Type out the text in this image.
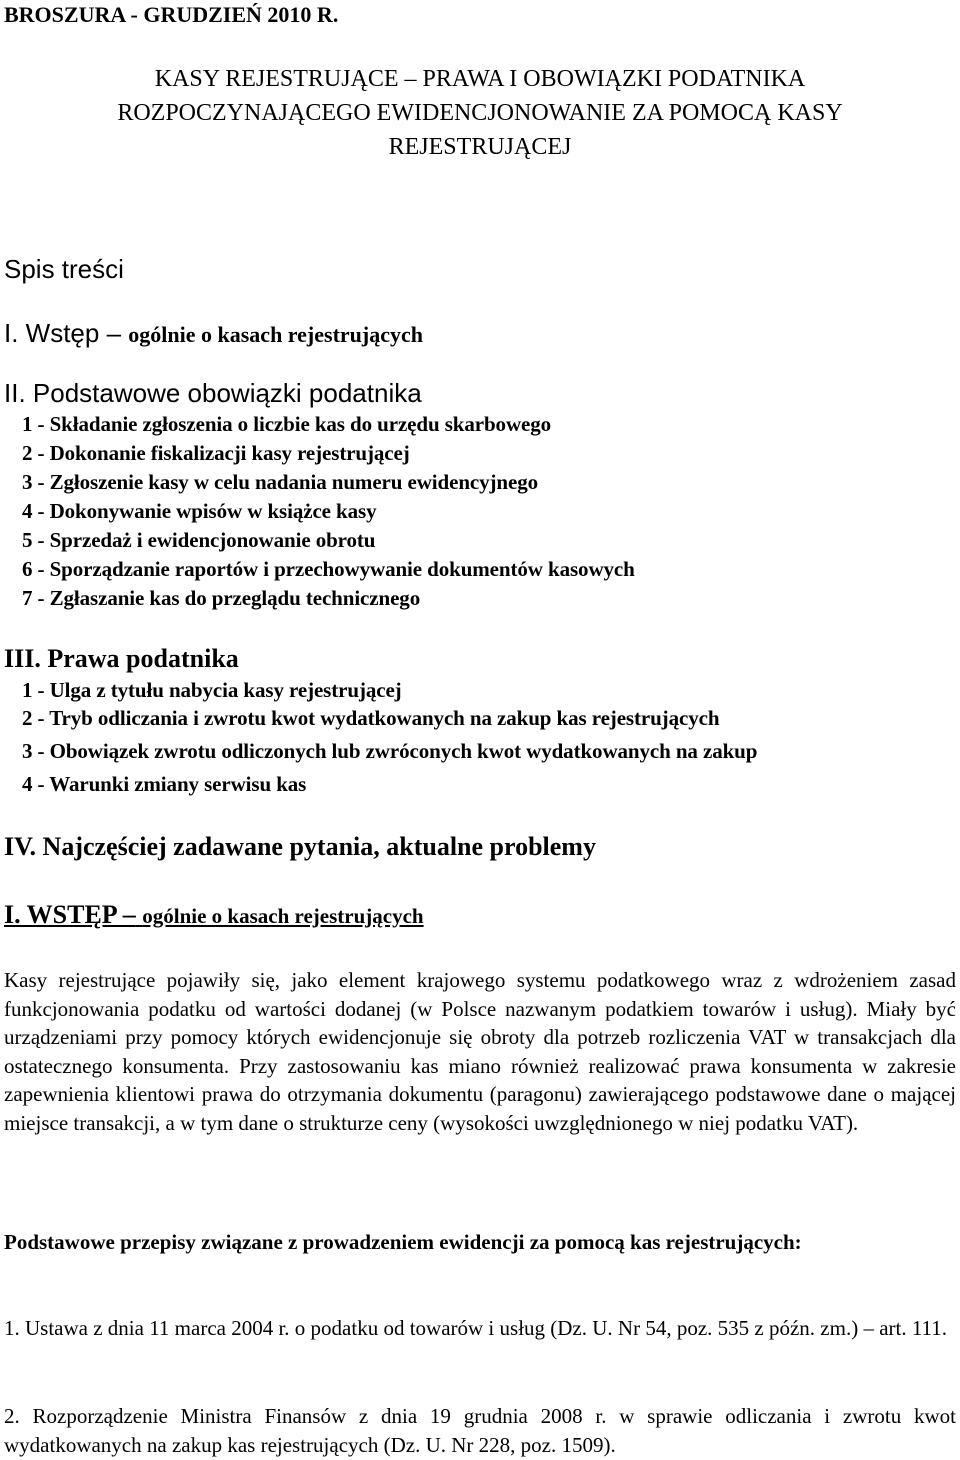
BROSZURA - GRUDZIEŃ 2010 R.
KASY REJESTRUJĄCE – PRAWA I OBOWIĄZKI PODATNIKA
ROZPOCZYNAJĄCEGO EWIDENCJONOWANIE ZA POMOCĄ KASY
REJESTRUJĄCEJ
Spis treści
I. Wstęp – ogólnie o kasach rejestrujących
II. Podstawowe obowiązki podatnika
1 - Składanie zgłoszenia o liczbie kas do urzędu skarbowego
2 - Dokonanie fiskalizacji kasy rejestrującej
3 - Zgłoszenie kasy w celu nadania numeru ewidencyjnego
4 - Dokonywanie wpisów w książce kasy
5 - Sprzedaż i ewidencjonowanie obrotu
6 - Sporządzanie raportów i przechowywanie dokumentów kasowych
7 - Zgłaszanie kas do przeglądu technicznego
III. Prawa podatnika
1 - Ulga z tytułu nabycia kasy rejestrującej
2 - Tryb odliczania i zwrotu kwot wydatkowanych na zakup kas rejestrujących
3 - Obowiązek zwrotu odliczonych lub zwróconych kwot wydatkowanych na zakup
4 - Warunki zmiany serwisu kas
IV. Najczęściej zadawane pytania, aktualne problemy
I. WSTĘP – ogólnie o kasach rejestrujących
Kasy rejestrujące pojawiły się, jako element krajowego systemu podatkowego wraz z wdrożeniem zasad funkcjonowania podatku od wartości dodanej (w Polsce nazwanym podatkiem towarów i usług). Miały być urządzeniami przy pomocy których ewidencjonuje się obroty dla potrzeb rozliczenia VAT w transakcjach dla ostatecznego konsumenta. Przy zastosowaniu kas miano również realizować prawa konsumenta w zakresie zapewnienia klientowi prawa do otrzymania dokumentu (paragonu) zawierającego podstawowe dane o mającej miejsce transakcji, a w tym dane o strukturze ceny (wysokości uwzględnionego w niej podatku VAT).
Podstawowe przepisy związane z prowadzeniem ewidencji za pomocą kas rejestrujących:
1. Ustawa z dnia 11 marca 2004 r. o podatku od towarów i usług (Dz. U. Nr 54, poz. 535 z późn. zm.) – art. 111.
2. Rozporządzenie Ministra Finansów z dnia 19 grudnia 2008 r. w sprawie odliczania i zwrotu kwot wydatkowanych na zakup kas rejestrujących (Dz. U. Nr 228, poz. 1509).
